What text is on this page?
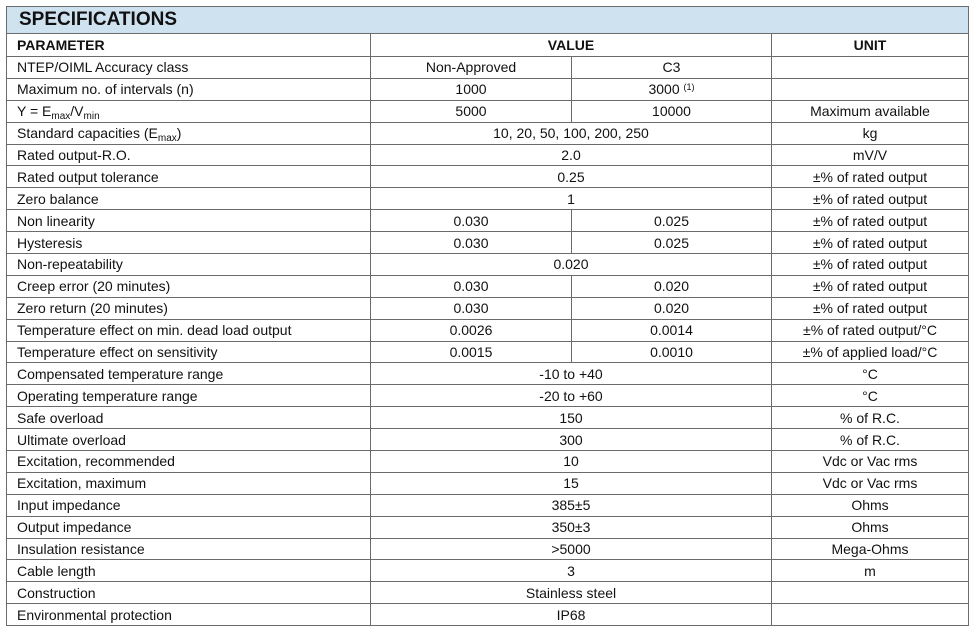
SPECIFICATIONS			
PARAMETER	VALUE		UNIT
NTEP/OIML Accuracy class	Non-Approved	C3	
Maximum no. of intervals (n)	1000	3000 $^{(1)}$	
$Y = E_{max}/V_{min}$	5000	10000	Maximum available
Standard capacities $(E_{max})$	10, 20, 50, 100, 200, 250		kg
Rated output-R.O.	2.0		mV/V
Rated output tolerance	0.25		±% of rated output
Zero balance	1		±% of rated output
Non linearity	0.030	0.025	±% of rated output
Hysteresis	0.030	0.025	±% of rated output
Non-repeatability	0.020		±% of rated output
Creep error (20 minutes)	0.030	0.020	±% of rated output
Zero return (20 minutes)	0.030	0.020	±% of rated output
Temperature effect on min. dead load output	0.0026	0.0014	±% of rated output/°C
Temperature effect on sensitivity	0.0015	0.0010	±% of applied load/°C
Compensated temperature range	-10 to +40		°C
Operating temperature range	-20 to +60		°C
Safe overload	150		% of R.C.
Ultimate overload	300		% of R.C.
Excitation, recommended	10		Vdc or Vac rms
Excitation, maximum	15		Vdc or Vac rms
Input impedance	385±5		Ohms
Output impedance	350±3		Ohms
Insulation resistance	>5000		Mega-Ohms
Cable length	3		m
Construction	Stainless steel		
Environmental protection	IP68		
